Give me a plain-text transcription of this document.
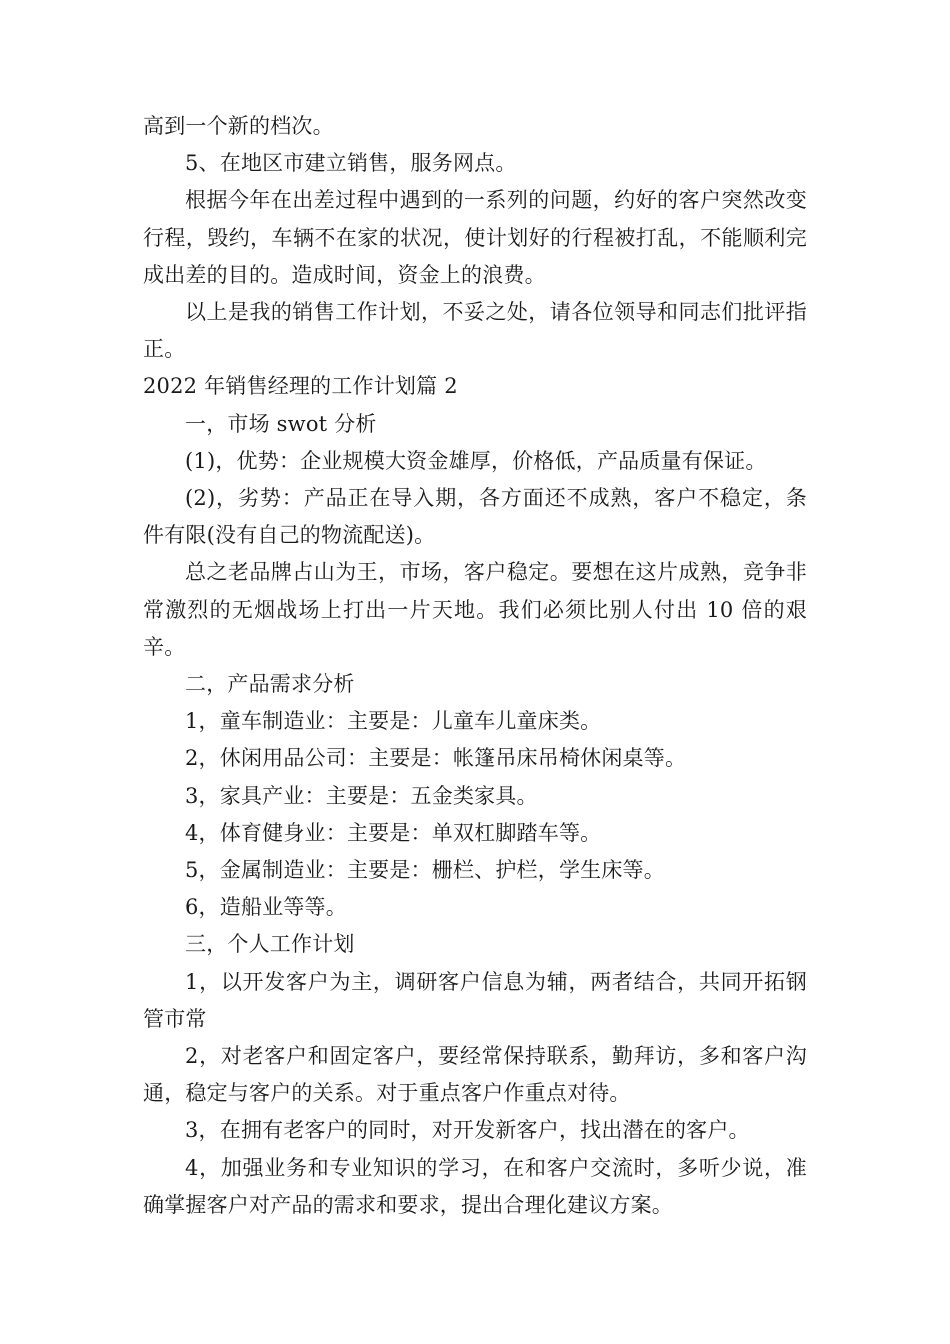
高到一个新的档次。

5、在地区市建立销售，服务网点。

根据今年在出差过程中遇到的一系列的问题，约好的客户突然改变行程，毁约，车辆不在家的状况，使计划好的行程被打乱，不能顺利完成出差的目的。造成时间，资金上的浪费。

以上是我的销售工作计划，不妥之处，请各位领导和同志们批评指正。

2022 年销售经理的工作计划篇 2

一，市场 swot 分析

(1)，优势：企业规模大资金雄厚，价格低，产品质量有保证。

(2)，劣势：产品正在导入期，各方面还不成熟，客户不稳定，条件有限(没有自己的物流配送)。

总之老品牌占山为王，市场，客户稳定。要想在这片成熟，竞争非常激烈的无烟战场上打出一片天地。我们必须比别人付出 10 倍的艰辛。

二，产品需求分析

1，童车制造业：主要是：儿童车儿童床类。

2，休闲用品公司：主要是：帐篷吊床吊椅休闲桌等。

3，家具产业：主要是：五金类家具。

4，体育健身业：主要是：单双杠脚踏车等。

5，金属制造业：主要是：栅栏、护栏，学生床等。

6，造船业等等。

三，个人工作计划

1，以开发客户为主，调研客户信息为辅，两者结合，共同开拓钢管市常

2，对老客户和固定客户，要经常保持联系，勤拜访，多和客户沟通，稳定与客户的关系。对于重点客户作重点对待。

3，在拥有老客户的同时，对开发新客户，找出潜在的客户。

4，加强业务和专业知识的学习，在和客户交流时，多听少说，准确掌握客户对产品的需求和要求，提出合理化建议方案。
